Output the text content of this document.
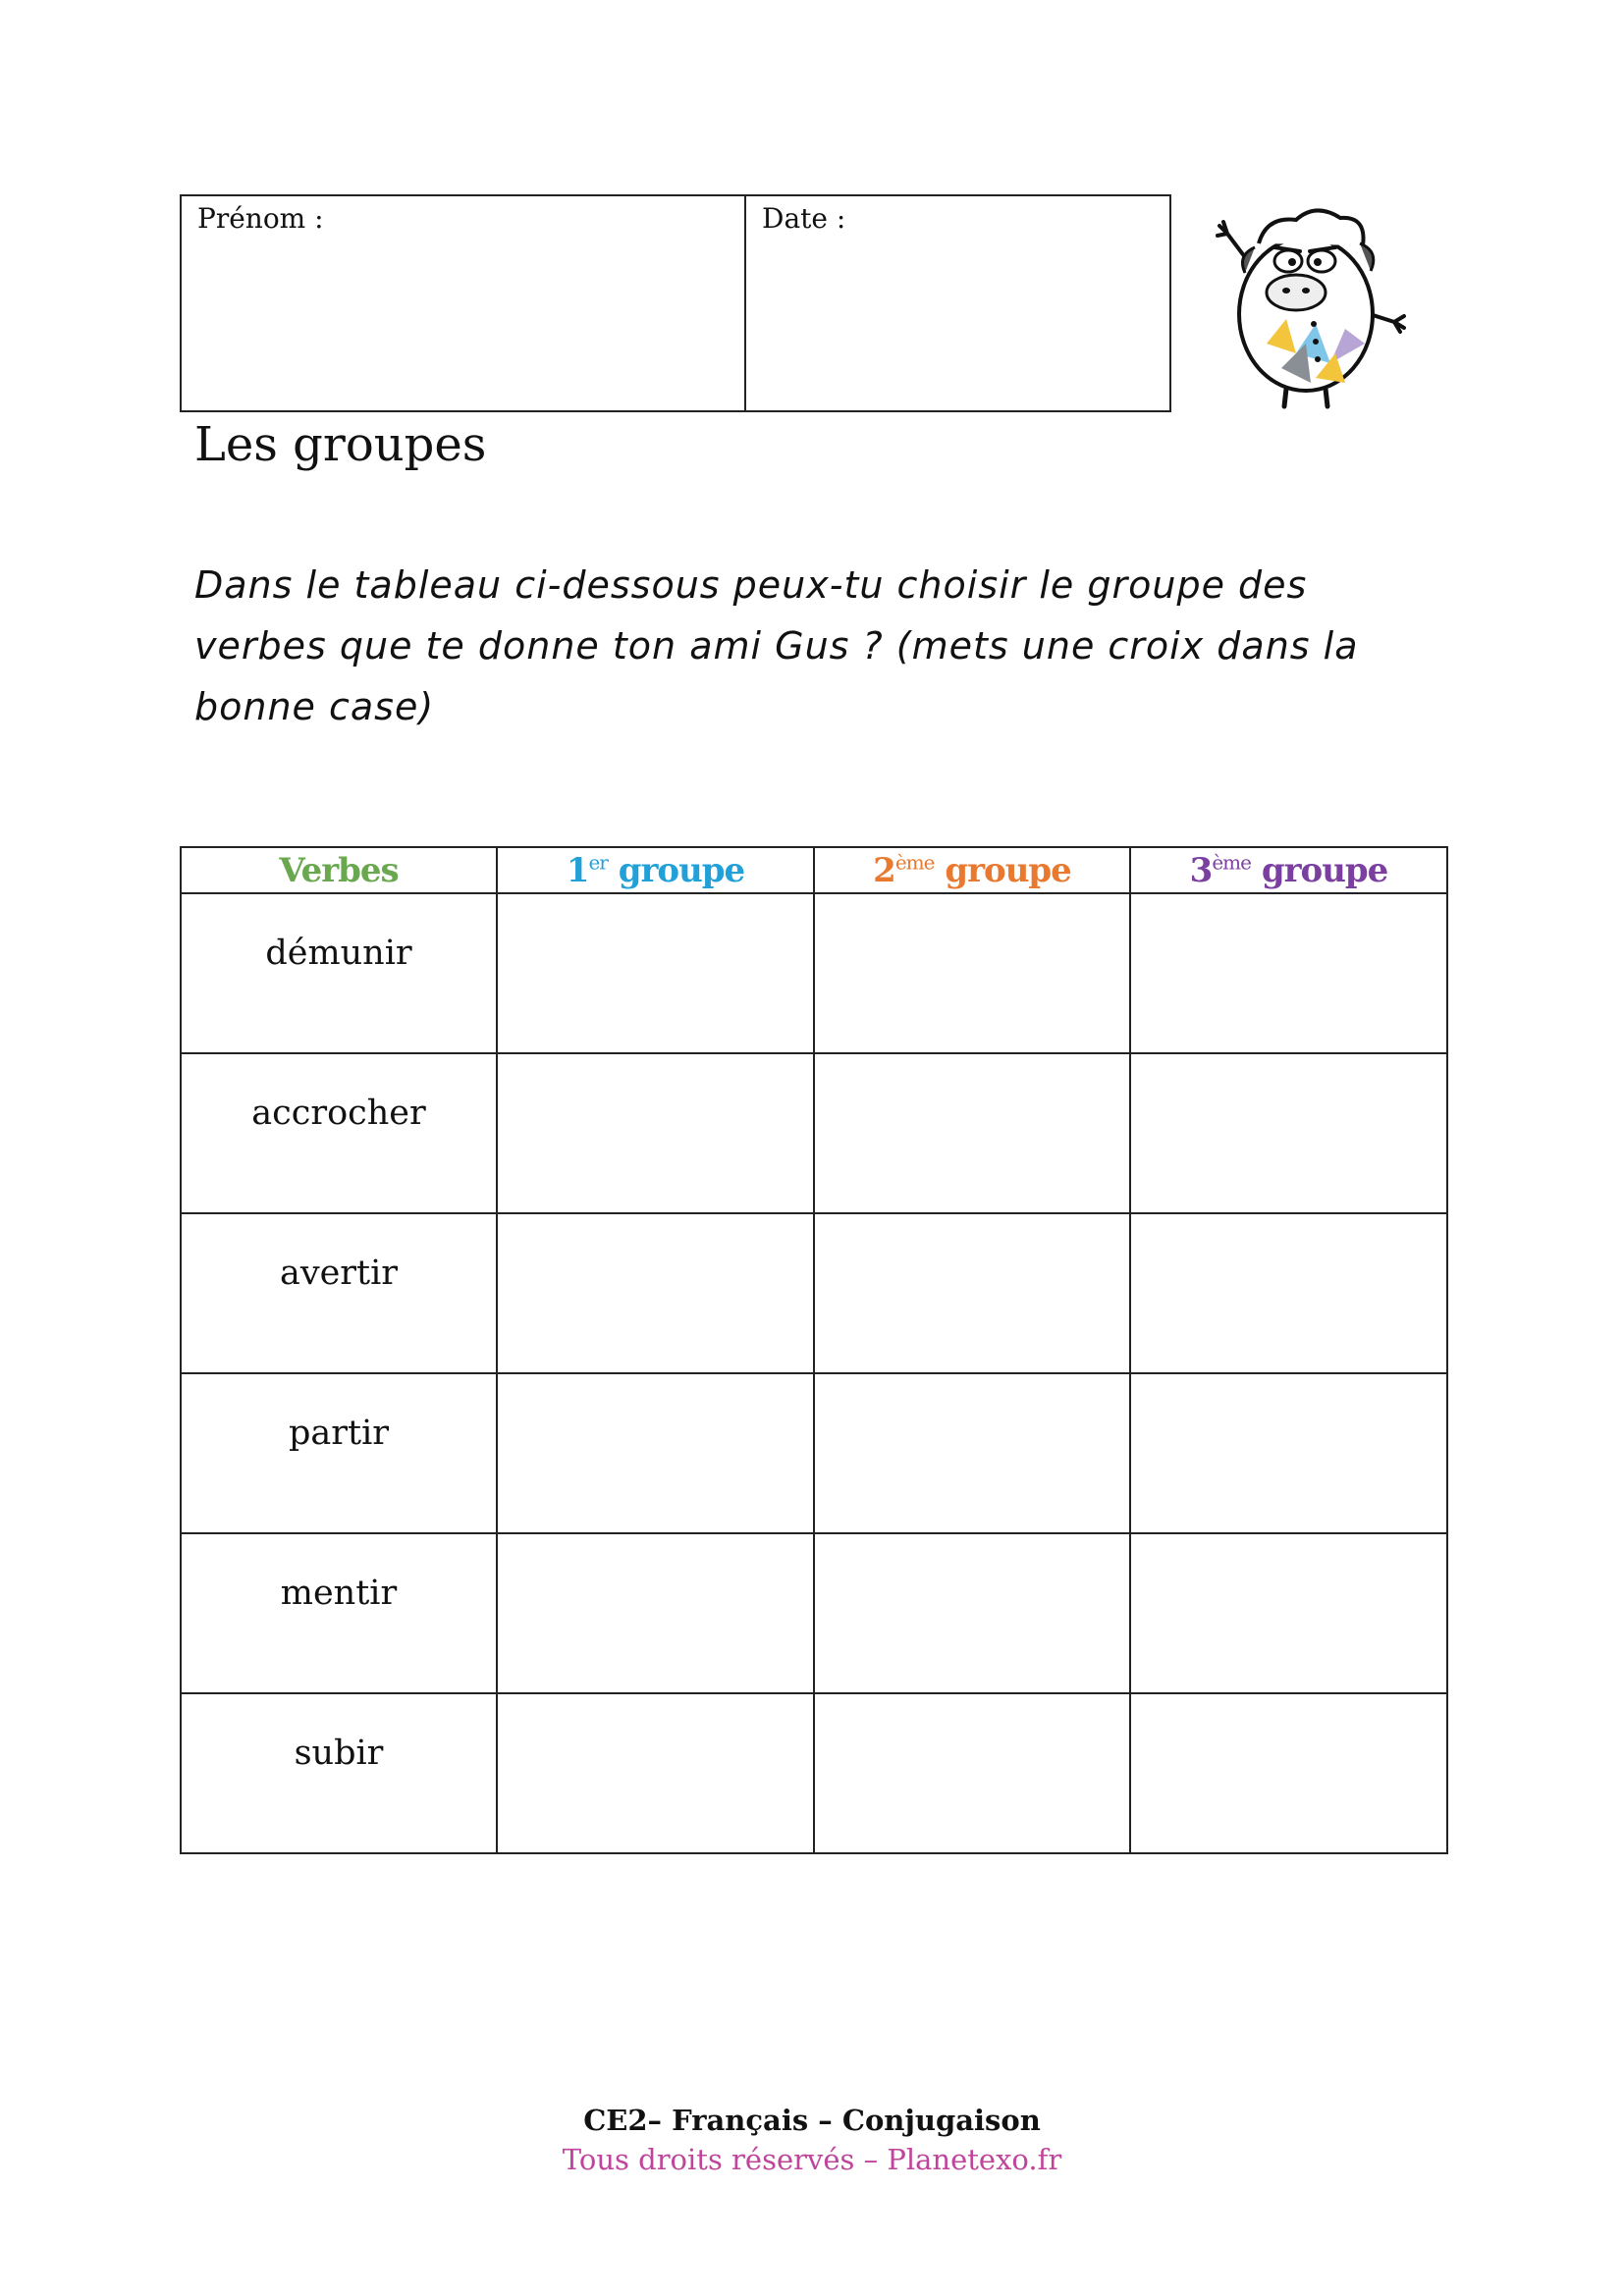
Prénom :	Date :
Les groupes

Dans le tableau ci-dessous peux-tu choisir le groupe des verbes que te donne ton ami Gus ? (mets une croix dans la bonne case)

Verbes	1er groupe	2ème groupe	3ème groupe
démunir			
accrocher			
avertir			
partir			
mentir			
subir			
CE2– Français – Conjugaison
Tous droits réservés – Planetexo.fr
